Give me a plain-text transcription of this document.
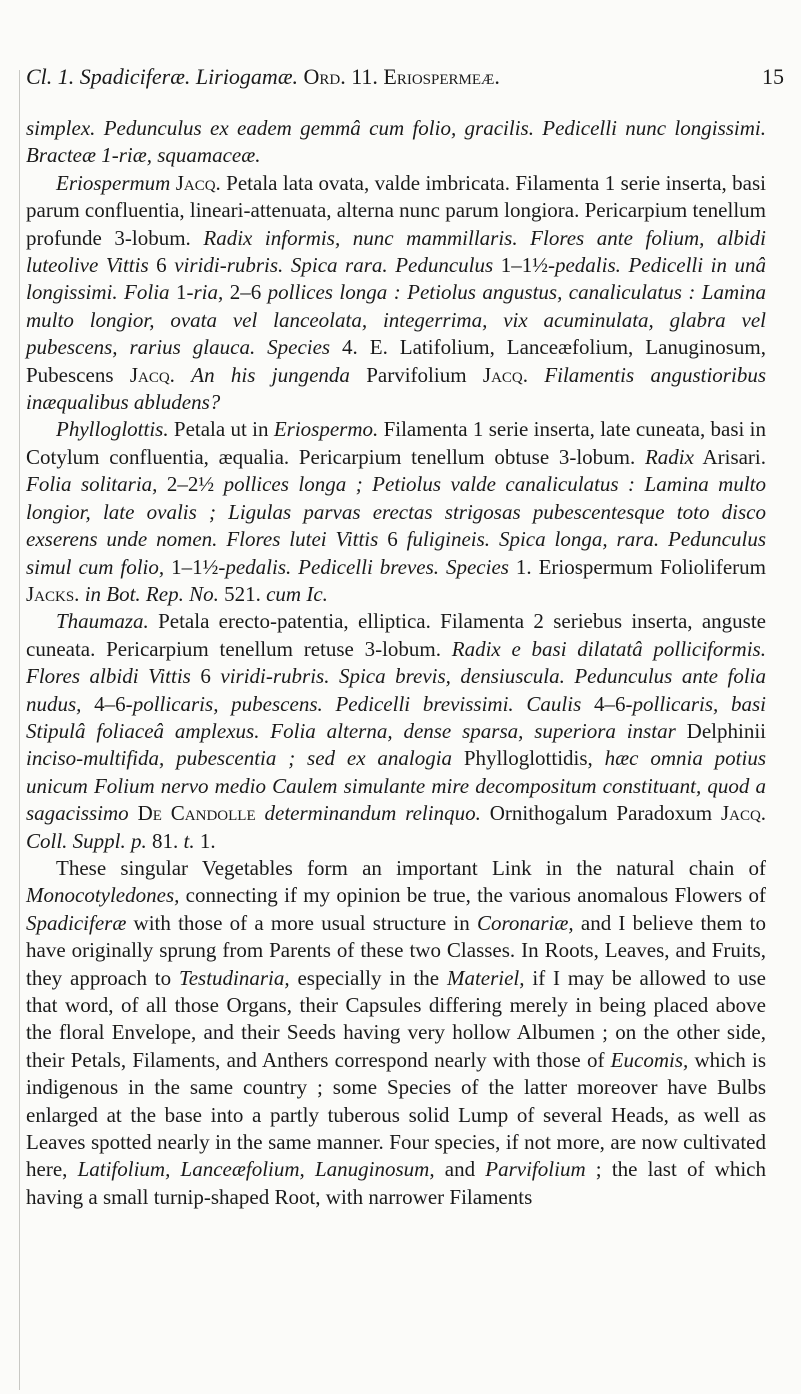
Cl. 1. Spadiciferæ. Liriogamæ. Ord. 11. Eriospermeæ.	15

simplex. Pedunculus ex eadem gemmâ cum folio, gracilis. Pedicelli nunc longissimi. Bracteæ 1-riæ, squamaceæ.

Eriospermum Jacq. Petala lata ovata, valde imbricata. Filamenta 1 serie inserta, basi parum confluentia, lineari-attenuata, alterna nunc parum longiora. Pericarpium tenellum profunde 3-lobum. Radix informis, nunc mammillaris. Flores ante folium, albidi luteolive Vittis 6 viridi-rubris. Spica rara. Pedunculus 1–1½-pedalis. Pedicelli in unâ longissimi. Folia 1-ria, 2–6 pollices longa : Petiolus angustus, canaliculatus : Lamina multo longior, ovata vel lanceolata, integerrima, vix acuminulata, glabra vel pubescens, rarius glauca. Species 4. E. Latifolium, Lanceæfolium, Lanuginosum, Pubescens Jacq. An his jungenda Parvifolium Jacq. Filamentis angustioribus inæqualibus abludens?

Phylloglottis. Petala ut in Eriospermo. Filamenta 1 serie inserta, late cuneata, basi in Cotylum confluentia, æqualia. Pericarpium tenellum obtuse 3-lobum. Radix Arisari. Folia solitaria, 2–2½ pollices longa ; Petiolus valde canaliculatus : Lamina multo longior, late ovalis ; Ligulas parvas erectas strigosas pubescentesque toto disco exserens unde nomen. Flores lutei Vittis 6 fuligineis. Spica longa, rara. Pedunculus simul cum folio, 1–1½-pedalis. Pedicelli breves. Species 1. Eriospermum Folioliferum Jacks. in Bot. Rep. No. 521. cum Ic.

Thaumaza. Petala erecto-patentia, elliptica. Filamenta 2 seriebus inserta, anguste cuneata. Pericarpium tenellum retuse 3-lobum. Radix e basi dilatatâ polliciformis. Flores albidi Vittis 6 viridi-rubris. Spica brevis, densiuscula. Pedunculus ante folia nudus, 4–6-pollicaris, pubescens. Pedicelli brevissimi. Caulis 4–6-pollicaris, basi Stipulâ foliaceâ amplexus. Folia alterna, dense sparsa, superiora instar Delphinii inciso-multifida, pubescentia ; sed ex analogia Phylloglottidis, hæc omnia potius unicum Folium nervo medio Caulem simulante mire decompositum constituant, quod a sagacissimo De Candolle determinandum relinquo. Ornithogalum Paradoxum Jacq. Coll. Suppl. p. 81. t. 1.

These singular Vegetables form an important Link in the natural chain of Monocotyledones, connecting if my opinion be true, the various anomalous Flowers of Spadiciferæ with those of a more usual structure in Coronariæ, and I believe them to have originally sprung from Parents of these two Classes. In Roots, Leaves, and Fruits, they approach to Testudinaria, especially in the Materiel, if I may be allowed to use that word, of all those Organs, their Capsules differing merely in being placed above the floral Envelope, and their Seeds having very hollow Albumen ; on the other side, their Petals, Filaments, and Anthers correspond nearly with those of Eucomis, which is indigenous in the same country ; some Species of the latter moreover have Bulbs enlarged at the base into a partly tuberous solid Lump of several Heads, as well as Leaves spotted nearly in the same manner. Four species, if not more, are now cultivated here, Latifolium, Lanceæfolium, Lanuginosum, and Parvifolium ; the last of which having a small turnip-shaped Root, with narrower Filaments
